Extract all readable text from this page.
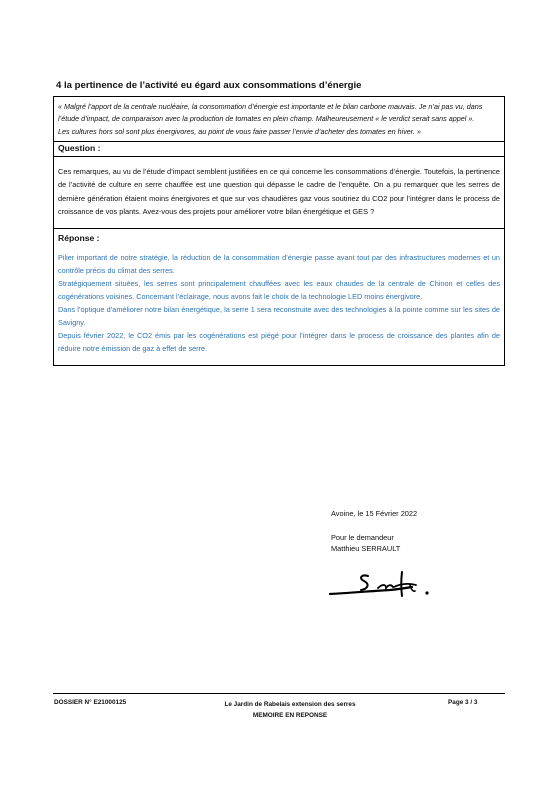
4 la pertinence de l’activité eu égard aux consommations d’énergie

« Malgré l’apport de la centrale nucléaire, la consommation d’énergie est importante et le bilan carbone mauvais. Je n’ai pas vu, dans l’étude d’impact, de comparaison avec la production de tomates en plein champ. Malheureusement « le verdict serait sans appel ».

Les cultures hors sol sont plus énergivores, au point de vous faire passer l’envie d’acheter des tomates en hiver. »

Question :
Ces remarques, au vu de l’étude d’impact semblent justifiées en ce qui concerne les consommations d’énergie. Toutefois, la pertinence de l’activité de culture en serre chauffée est une question qui dépasse le cadre de l’enquête. On a pu remarquer que les serres de dernière génération étaient moins énergivores et que sur vos chaudières gaz vous soutiriez du CO2 pour l’intégrer dans le process de croissance de vos plants. Avez-vous des projets pour améliorer votre bilan énergétique et GES ?
Réponse :

Pilier important de notre stratégie, la réduction de la consommation d’énergie passe avant tout par des infrastructures modernes et un contrôle précis du climat des serres.

Stratégiquement situées, les serres sont principalement chauffées avec les eaux chaudes de la centrale de Chinon et celles des cogénérations voisines. Concernant l’éclairage, nous avons fait le choix de la technologie LED moins énergivore.

Dans l’optique d’améliorer notre bilan énergétique, la serre 1 sera reconstruite avec des technologies à la pointe comme sur les sites de Savigny.

Depuis février 2022, le CO2 émis par les cogénérations est piégé pour l’intégrer dans le process de croissance des plantes afin de réduire notre émission de gaz à effet de serre.

Avoine, le 15 Février 2022
Pour le demandeur
Matthieu SERRAULT
DOSSIER N° E21000125	Le Jardin de Rabelais extension des serres
MEMOIRE EN REPONSE
Page 3 / 3
